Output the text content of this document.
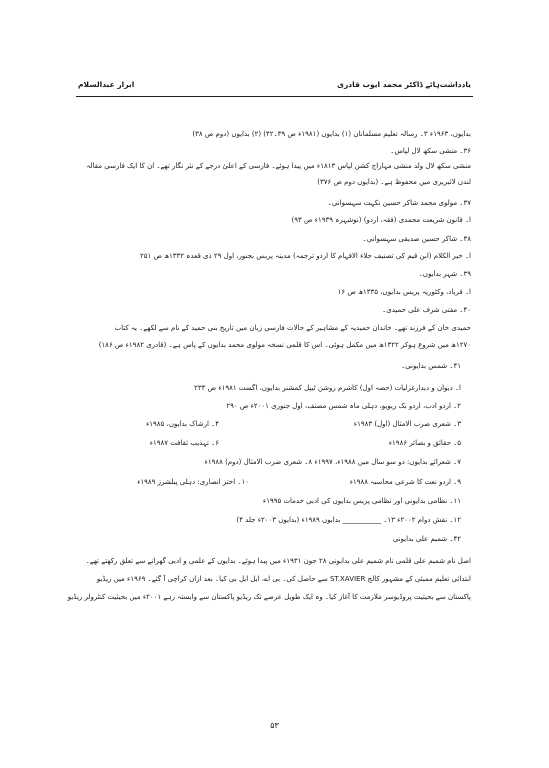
یادداشت‌ہائے ڈاکٹر محمد ایوب قادری
ابرار عبدالسلام
بدایوں، ۱۹۶۳ء ۳۔ رسالہ تعلیم مسلمانان (۱) بدایوں (۱۹۸۱ء ص ۳۹۔۴۲) (۲) بدایوں (دوم ص ۳۸)
۳۶۔ منشی سکھ لال لپاس۔
منشی سکھ لال ولد منشی مہاراج کشن لپاس ۱۸۱۳ء میں پیدا ہوئے۔ فارسی کے اعلیٰ درجے کے نثر نگار تھے۔ ان کا ایک فارسی مقالہ
لندن لائبریری میں محفوظ ہے۔ (بدایوں دوم ص ۳۷۶)
۳۷۔ مولوی محمد شاکر حسین نکہت سہسوانی۔
ا۔ قانون شریعت محمدی (فقہ، اردو) (نوشہرہ ۱۹۳۹ء ص ۹۳)
۳۸۔ شاکر حسین صدیقی سہسوانی۔
ا۔ خیر الکلام (ابن قیم کی تصنیف جلاء الافہام کا اردو ترجمہ) مدینہ پریس بجنور، اول ۲۹ ذی قعدہ ۱۳۳۲ھ ص ۲۵۱
۳۹۔ شہر بدایوں۔
ا۔ فریاد، وکٹوریہ پریس بدایوں، ۱۳۳۵ھ ص ۱۶
۴۰۔ مفتی شرف علی حمیدی۔
حمیدی خان کے فرزند تھے۔ خاندان حمیدیہ کے مشاہیر کے حالات فارسی زبان میں تاریخ بنی حمید کے نام سے لکھے۔ یہ کتاب
۱۲۷۰ھ میں شروع ہوکر ۱۳۲۲ھ میں مکمل ہوئی۔ اس کا قلمی نسخہ مولوی محمد بدایوں کے پاس ہے۔ (قادری ۱۹۸۲ء ص ۱۸۶)
۴۱۔ شمس بدایونی۔
ا۔ دیوان و دیدارغزلیات (حصہ اول) کاشرم روشن ٹیپل کمشنر بدایوں، اگست ۱۹۸۱ء ص ۲۳۳
۲۔ اردو ادب، اردو بک ریویو، دہلی ماہ شمس مصنف، اول جنوری ۲۰۰۱ء ص ۲۹۰
۳۔ شعری ضرب الامثال (اول) ۱۹۸۳ء
۴۔ ارشاک بدایوں، ۱۹۸۵ء
۵۔ حقائق و بصائر ۱۹۸۶ء
۶۔ تہذیب ثقافت ۱۹۸۷ء
۷۔ شعرائے بدایوں: دو سو سال میں ۱۹۸۸ء، ۱۹۹۷ء ۸۔ شعری ضرب الامثال (دوم) ۱۹۸۸ء
۹۔ اردو نعت کا شرعی محاسبہ ۱۹۸۸ء
۱۰۔ اختر انصاری: دہلی پبلشرز ۱۹۸۹ء
۱۱۔ نظامی بدایونی اور نظامی پریس بدایوں کی ادبی خدمات ۱۹۹۵ء
۱۲۔ نقش دوام ۲۰۰۲ء ۱۳۔ ___________ بدایوں ۱۹۸۹ء (بدایوں ۲۰۰۳ء جلد ۴)
۴۲۔ شمیم علی بدایونی
اصل نام شمیم علی قلمی نام شمیم علی بدایونی ۲۸ جون ۱۹۳۱ء میں پیدا ہوئے۔ بدایوں کے علمی و ادبی گھرانے سے تعلق رکھتے تھے۔
ابتدائی تعلیم ممبئی کے مشہور کالج ST.XAVIER سے حاصل کی۔ بی اے، ایل ایل بی کیا۔ بعد ازاں کراچی آ گئے۔ ۱۹۶۹ء میں ریڈیو
پاکستان سے بحیثیت پروڈیوسر ملازمت کا آغاز کیا۔ وہ ایک طویل عرصے تک ریڈیو پاکستان سے وابستہ رہے ۲۰۰۱ء میں بحیثیت کنٹرولر ریڈیو
۵۳
